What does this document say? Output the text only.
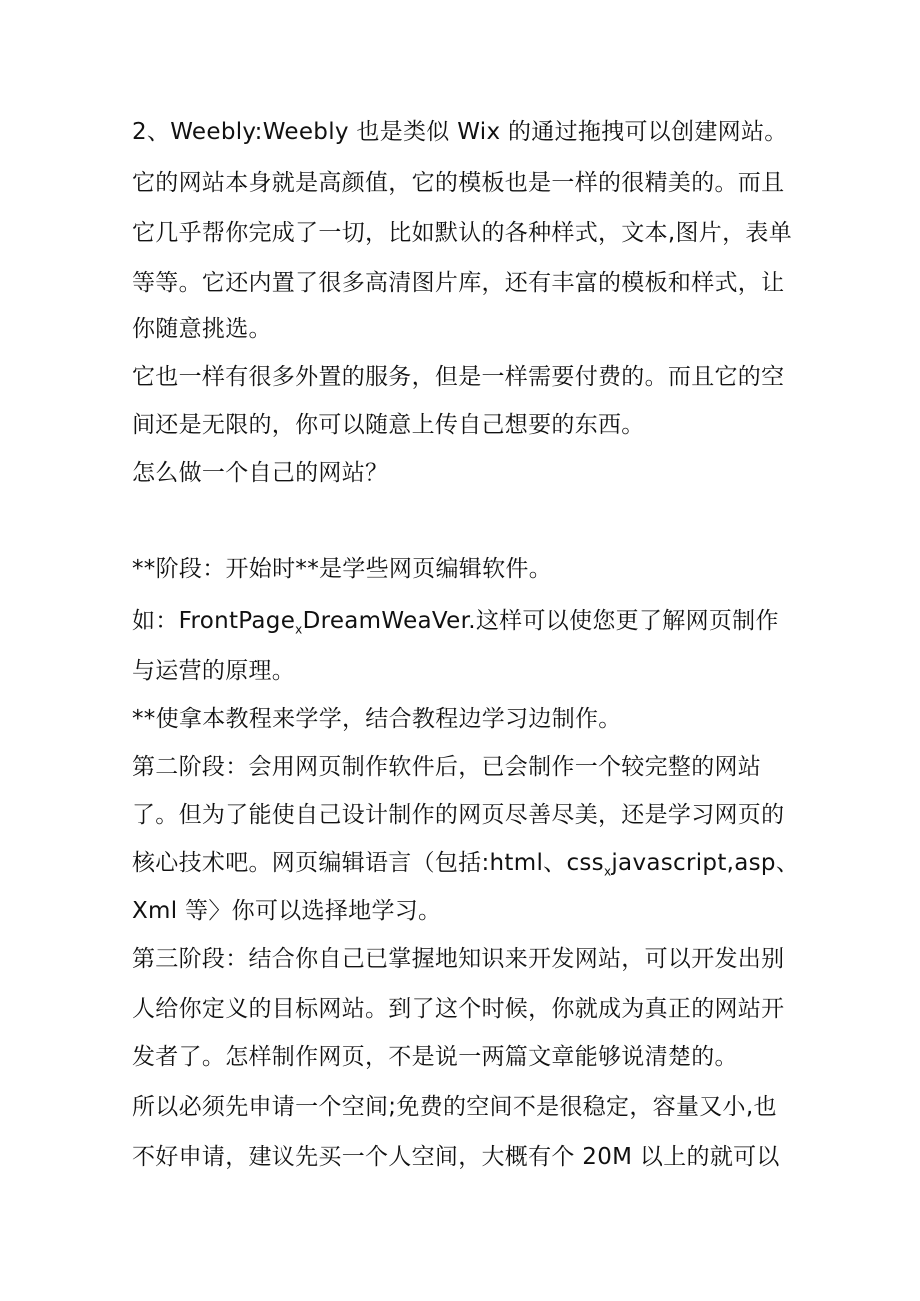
2、Weebly:Weebly 也是类似 Wix 的通过拖拽可以创建网站。
它的网站本身就是高颜值，它的模板也是一样的很精美的。而且
它几乎帮你完成了一切，比如默认的各种样式，文本,图片，表单
等等。它还内置了很多高清图片库，还有丰富的模板和样式，让
你随意挑选。
它也一样有很多外置的服务，但是一样需要付费的。而且它的空
间还是无限的，你可以随意上传自己想要的东西。
怎么做一个自己的网站？
**阶段：开始时**是学些网页编辑软件。
如：FrontPage$_x$DreamWeaVer.这样可以使您更了解网页制作
与运营的原理。
**使拿本教程来学学，结合教程边学习边制作。
第二阶段：会用网页制作软件后，已会制作一个较完整的网站
了。但为了能使自己设计制作的网页尽善尽美，还是学习网页的
核心技术吧。网页编辑语言（包括:html、css$_x$javascript,asp、
Xml 等〉你可以选择地学习。
第三阶段：结合你自己已掌握地知识来开发网站，可以开发出别
人给你定义的目标网站。到了这个时候，你就成为真正的网站开
发者了。怎样制作网页，不是说一两篇文章能够说清楚的。
所以必须先申请一个空间;免费的空间不是很稳定，容量又小,也
不好申请，建议先买一个人空间，大概有个 20M 以上的就可以
